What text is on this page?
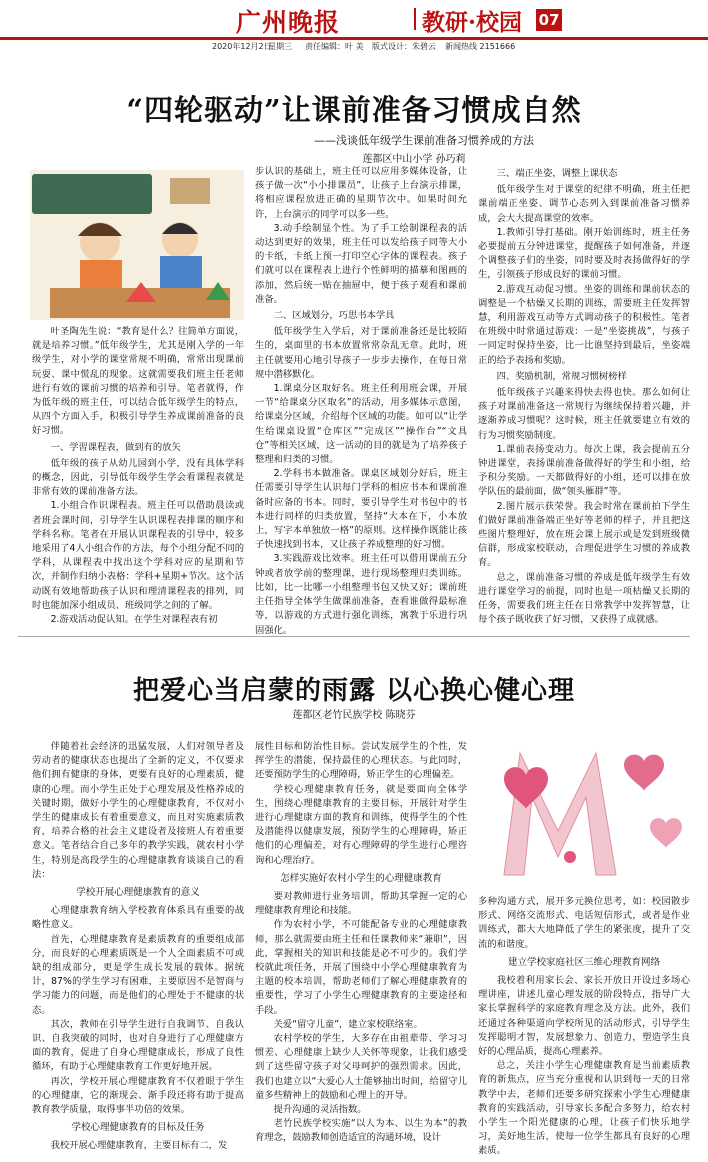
广州晚报	教研·校园 07
2020年12月2日
星期三 责任编辑：叶 美 版式设计：朱碧云 新闻热线 2151666
“四轮驱动”让课前准备习惯成自然
——浅谈低年级学生课前准备习惯养成的方法
莲都区中山小学 孙巧莉

叶圣陶先生说：“教育是什么？往简单方面说，就是培养习惯。”低年级学生，尤其是刚入学的一年级学生，对小学的课堂常规不明确，常常出现课前玩耍、课中慌乱的现象。这就需要我们班主任老师进行有效的课前习惯的培养和引导。笔者就得，作为低年级的班主任，可以结合低年级学生的特点，从四个方面入手，积极引导学生养成课前准备的良好习惯。

一、学習课程表，做到有的放矢

低年级的孩子从幼儿园到小学，没有具体学科的概念，因此，引导低年级学生学会看课程表就是非常有效的课前准备方法。

1.小组合作识课程表。班主任可以借助晨读或者班会课时间，引导学生认识课程表排课的顺序和学科名称。笔者在开展认识课程表的引导中，较多地采用了4人小组合作的方法，每个小组分配不同的学科，从课程表中找出这个学科对应的星期和节次，并制作归纳小表格：学科+星期+节次。这个活动既有效地帮助孩子认识和理清课程表的排列，同时也能加深小组成员、班级同学之间的了解。

2.游戏活动促认知。在学生对课程表有初

步认识的基础上，班主任可以应用多媒体设备，让孩子做一次“小小排课员”，让孩子上台演示排课，将相应课程放进正确的星期节次中。如果时间允许，上台演示的同学可以多一些。

3.动手绘制显个性。为了手工绘制课程表的活动达到更好的效果，班主任可以发给孩子同等大小的卡纸，卡纸上预一打印空心字体的课程表。孩子们就可以在课程表上进行个性鲜明的描摹和图画的添加，然后统一贴在抽屉中，便于孩子观看和课前准备。

二、区域划分，巧思书本学具

低年级学生入学后，对于课前准备还是比较陌生的，桌面里的书本放置常常杂乱无章。此时，班主任就要用心地引导孩子一步步去操作，在每日常规中潜移默化。

1.课桌分区取好名。班主任利用班会课，开展一节“给课桌分区取名”的活动，用多媒体示意图，给课桌分区域，介绍每个区域的功能。如可以“让学生给课桌设置“仓库区”“完成区”“操作台”“文具仓”等相关区域，这一活动的目的就是为了培养孩子整理和归类的习惯。

2.学科书本做准备。课桌区域划分好后，班主任需要引导学生认识每门学科的相应书本和课前准备时应备的书本。同时，要引导学生对书包中的书本进行同样的归类放置，坚持“大本在下，小本放上，写字本单独放一格”的原则。这样操作既能让孩子快速找到书本，又让孩子养成整理的好习惯。

3.实践游戏比效率。班主任可以借用课前五分钟或者放学前的整理课，进行现场整理归类训练。比如，比一比哪一小组整理书包又快又好；课前班主任指导全体学生做课前准备，查看谁做得最标准等，以游戏的方式进行强化训练，寓教于乐进行巩固强化。

三、端正坐姿，调整上课状态

低年级学生对于课堂的纪律不明确，班主任把课前端正坐姿、调节心态列入到课前准备习惯养成，会大大提高课堂的效率。

1.教师引导打基础。刚开始训练时，班主任务必要提前五分钟进课堂，提醒孩子如何准备，并逐个调整孩子们的坐姿，同时要及时表扬做得好的学生，引领孩子形成良好的课前习惯。

2.游戏互动促习惯。坐姿的训练和课前状态的调整是一个枯燥又长期的训练，需要班主任发挥智慧，利用游戏互动等方式调动孩子的积极性。笔者在班级中时常通过游戏：一是“坐姿挑战”，与孩子一同定时保持坐姿，比一比谁坚持到最后，坐姿端正的给予表扬和奖励。

四、奖励机制，常规习惯树榜样

低年级孩子兴趣来得快去得也快。那么如何让孩子对课前准备这一常规行为继续保持着兴趣，并逐渐养成习惯呢？这时候，班主任就要建立有效的行为习惯奖励制度。

1.课前表扬变动力。每次上课，我会提前五分钟进课堂，表扬课前准备做得好的学生和小组，给予积分奖励。一天都做得好的小组，还可以排在放学队伍的最前面，做“领头雁群”等。

2.图片展示获荣誉。我会时常在课前拍下学生们做好课前准备端正坐好等老师的样子，并且把这些图片整理好，放在班会课上展示或是发到班级微信群，形成家校联动，合理促进学生习惯的养成教育。

总之，课前准备习惯的养成是低年级学生有效进行课堂学习的前提，同时也是一项枯燥又长期的任务，需要我们班主任在日常教学中发挥智慧，让每个孩子既收获了好习惯，又获得了成就感。

把爱心当启蒙的雨露 以心换心健心理
莲都区老竹民族学校 陈晓芬

伴随着社会经济的迅猛发展，人们对领导者及劳动者的健康状态也提出了全新的定义，不仅要求他们拥有健康的身体，更要有良好的心理素质，健康的心理。而小学生正处于心理发展及性格养成的关键时期，做好小学生的心理健康教育，不仅对小学生的健康成长有着重要意义，而且对实施素质教育，培养合格的社会主义建设者及接班人有着重要意义。笔者结合自己多年的教学实践，就农村小学生，特别是高段学生的心理健康教育谈谈自己的看法：

学校开展心理健康教育的意义

心理健康教育纳入学校教育体系具有重要的战略性意义。

首先，心理健康教育是素质教育的重要组成部分，而良好的心理素质既是一个人全面素质不可或缺的组成部分，更是学生成长发展的载体。据统计，87%的学生学习有困难，主要原因不是智商与学习能力的问题，而是他们的心理处于不健康的状态。

其次，教师在引导学生进行自我调节、自我认识、自我突破的同时，也对自身进行了心理健康方面的教育，促进了自身心理健康成长，形成了良性循环，有助于心理健康教育工作更好地开展。

再次，学校开展心理健康教育不仅着眼于学生的心理健康，它的渐现会、渐手段还将有助于提高教育教学质量，取得事半功倍的效果。

学校心理健康教育的目标及任务

我校开展心理健康教育，主要目标有二，发

展性目标和防治性目标。尝试发展学生的个性，发挥学生的潜能，保持最佳的心理状态。与此同时，还要预防学生的心理障碍，矫正学生的心理偏差。

学校心理健康教育任务，就是要面向全体学生，围绕心理健康教育的主要目标，开展针对学生进行心理健康方面的教育和训练，使得学生的个性及潜能得以健康发展，预防学生的心理障碍，矫正他们的心理偏差，对有心理障碍的学生进行心理咨询和心理治疗。

怎样实施好农村小学生的心理健康教育

要对教师进行业务培训，帮助其掌握一定的心理健康教育理论和技能。

作为农村小学，不可能配备专业的心理健康教师，那么就需要由班主任和任课教师来“兼职”，因此，掌握相关的知识和技能是必不可少的。我们学校就此项任务，开展了围绕中小学心理健康教育为主题的校本培训，帮助老师们了解心理健康教育的重要性，学习了小学生心理健康教育的主要途径和手段。

关爱“留守儿童”，建立家校联络室。

农村学校的学生，大多存在由祖辈带、学习习惯差、心理健康上缺少人关怀等现象，让我们感受到了这些留守孩子对父母呵护的强烈需求。因此，我们也建立以“大爱心人士能够抽出时间，给留守儿童多些精神上的鼓励和心理上的开导。

提升沟通的灵活指数。

老竹民族学校实施“以人为本、以生为本”的教育理念，鼓励教师创造适宜的沟通环境，设计

多种沟通方式，展开多元换位思考，如：校园散步形式、网络交流形式、电话短信形式，或者是作业训练式，都大大地降低了学生的紧张度，提升了交流的和谐度。

建立学校家庭社区三维心理教育网络

我校着利用家长会、家长开放日开设过多场心理讲座，讲述儿童心理发展的阶段特点，指导广大家长掌握科学的家庭教育理念及方法。此外，我们还通过各种渠道向学校所见的活动形式，引导学生发挥聪明才智，发展想象力、创造力，塑造学生良好的心理品质，提高心理素养。

总之，关注小学生心理健康教育是当前素质教育的新焦点，应当充分重视和认识到每一天的日常教学中去，老师们还要多研究探索小学生心理健康教育的实践活动，引导家长多配合多努力，给农村小学生一个阳光健康的心理，让孩子们快乐地学习，美好地生活，使每一位学生都具有良好的心理素质。
